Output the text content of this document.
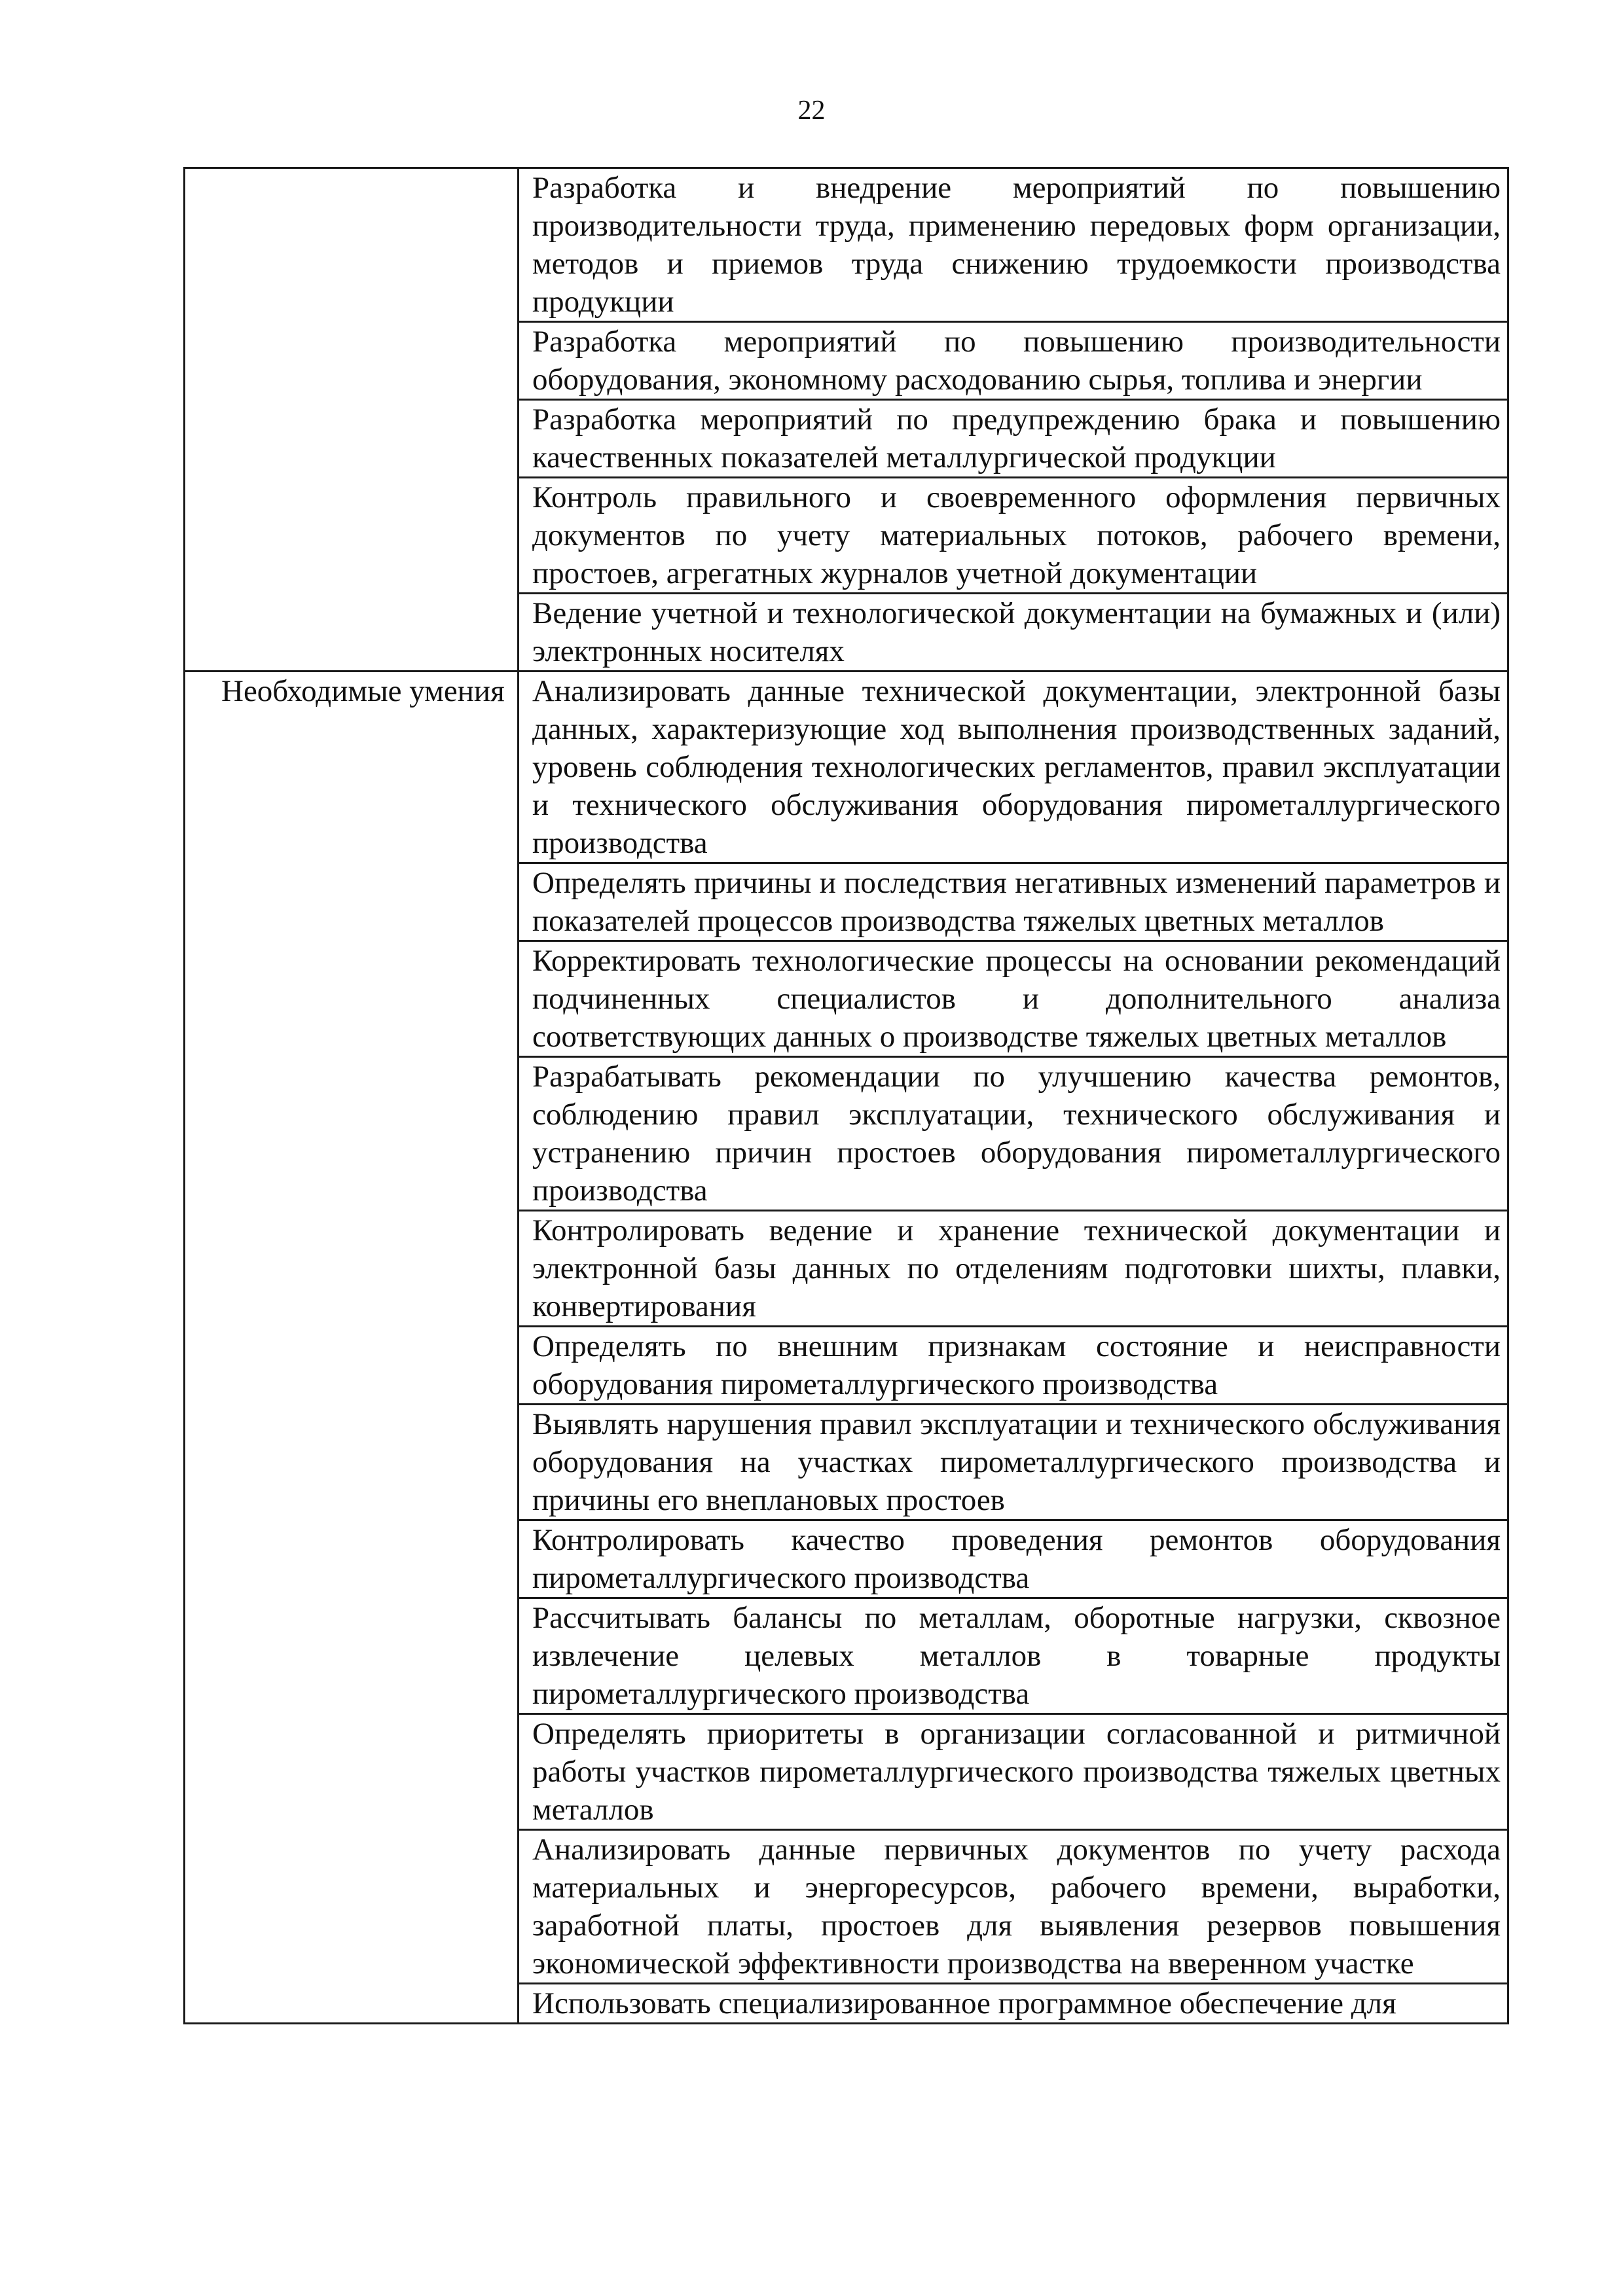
22
	Разработка и внедрение мероприятий по повышению производительности труда, применению передовых форм организации, методов и приемов труда снижению трудоемкости производства продукции
	Разработка мероприятий по повышению производительности оборудования, экономному расходованию сырья, топлива и энергии
	Разработка мероприятий по предупреждению брака и повышению качественных показателей металлургической продукции
	Контроль правильного и своевременного оформления первичных документов по учету материальных потоков, рабочего времени, простоев, агрегатных журналов учетной документации
	Ведение учетной и технологической документации на бумажных и (или) электронных носителях
Необходимые умения	Анализировать данные технической документации, электронной базы данных, характеризующие ход выполнения производственных заданий, уровень соблюдения технологических регламентов, правил эксплуатации и технического обслуживания оборудования пирометаллургического производства
	Определять причины и последствия негативных изменений параметров и показателей процессов производства тяжелых цветных металлов
	Корректировать технологические процессы на основании рекомендаций подчиненных специалистов и дополнительного анализа соответствующих данных о производстве тяжелых цветных металлов
	Разрабатывать рекомендации по улучшению качества ремонтов, соблюдению правил эксплуатации, технического обслуживания и устранению причин простоев оборудования пирометаллургического производства
	Контролировать ведение и хранение технической документации и электронной базы данных по отделениям подготовки шихты, плавки, конвертирования
	Определять по внешним признакам состояние и неисправности оборудования пирометаллургического производства
	Выявлять нарушения правил эксплуатации и технического обслуживания оборудования на участках пирометаллургического производства и причины его внеплановых простоев
	Контролировать качество проведения ремонтов оборудования пирометаллургического производства
	Рассчитывать балансы по металлам, оборотные нагрузки, сквозное извлечение целевых металлов в товарные продукты пирометаллургического производства
	Определять приоритеты в организации согласованной и ритмичной работы участков пирометаллургического производства тяжелых цветных металлов
	Анализировать данные первичных документов по учету расхода материальных и энергоресурсов, рабочего времени, выработки, заработной платы, простоев для выявления резервов повышения экономической эффективности производства на вверенном участке
	Использовать специализированное программное обеспечение для
